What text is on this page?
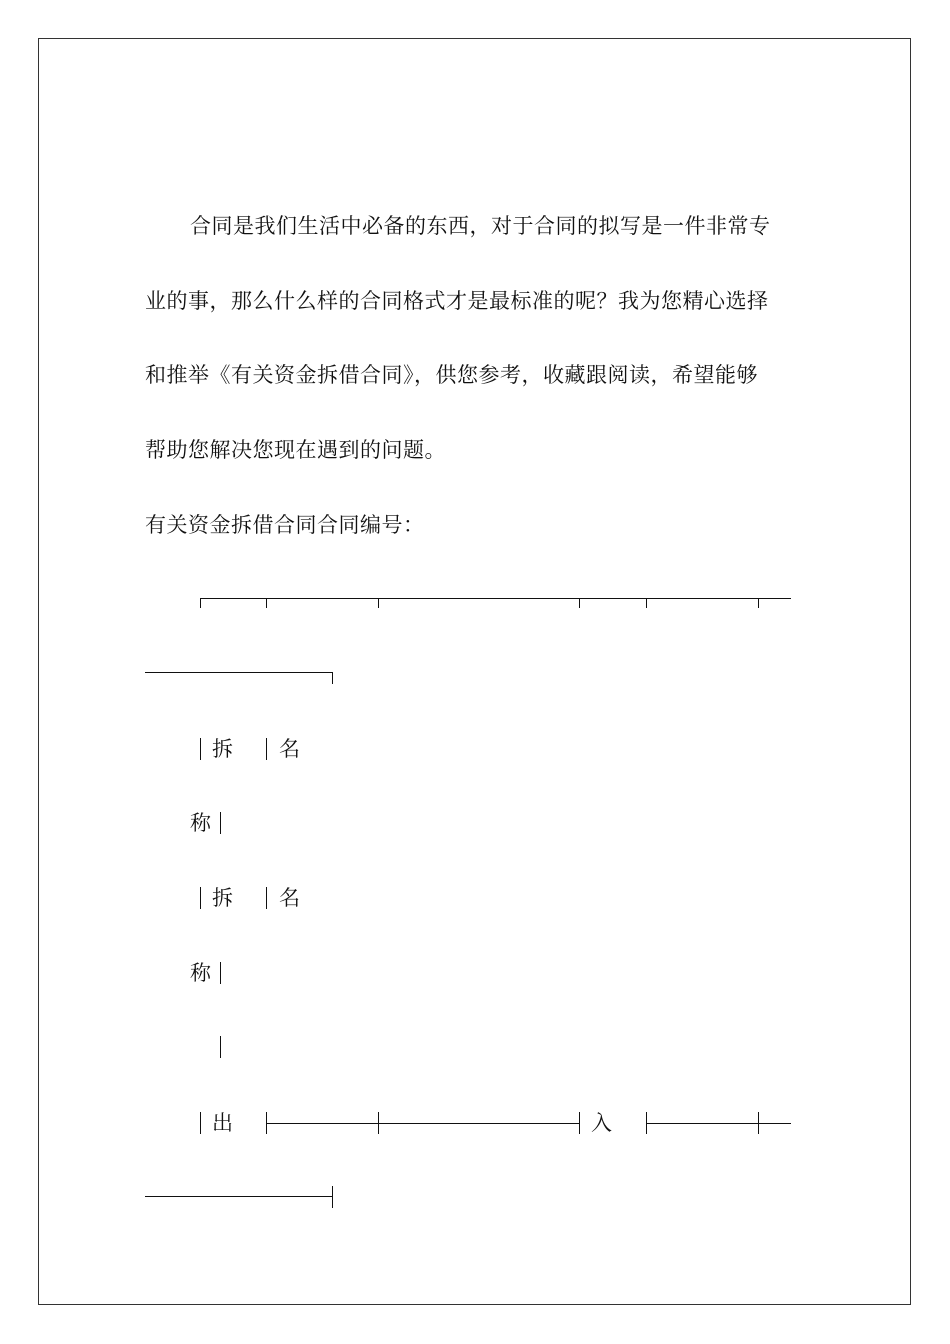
合同是我们生活中必备的东西，对于合同的拟写是一件非常专
业的事，那么什么样的合同格式才是最标准的呢？我为您精心选择
和推举《有关资金拆借合同》，供您参考，收藏跟阅读，希望能够
帮助您解决您现在遇到的问题。
有关资金拆借合同合同编号：
拆 名
称
拆 名
称
出	入
